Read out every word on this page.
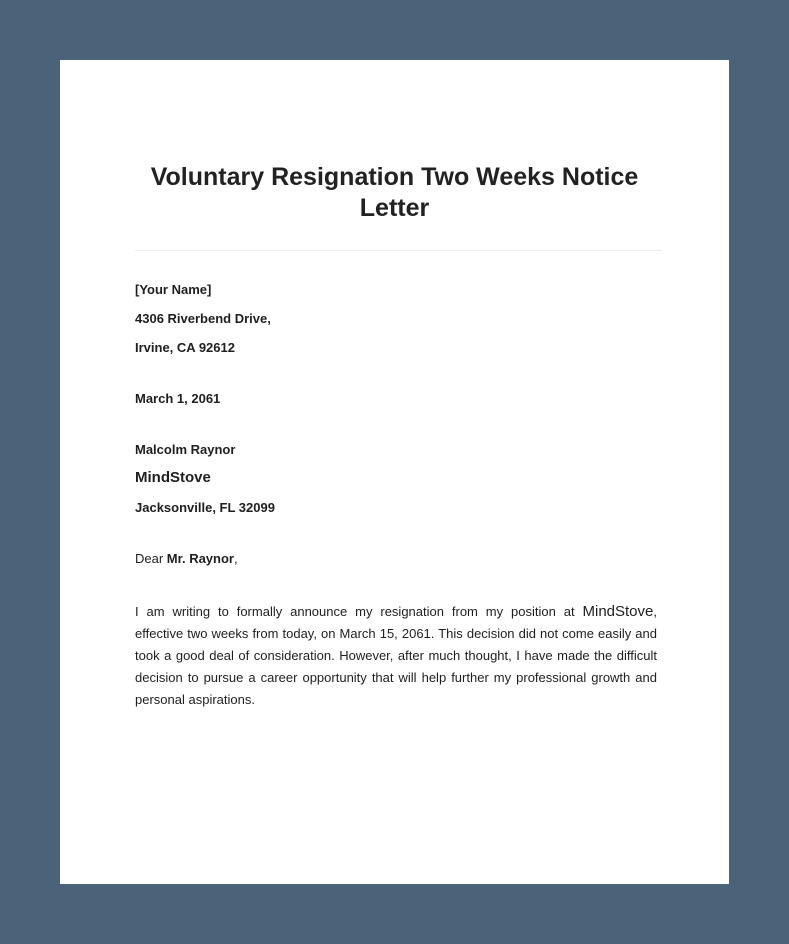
Voluntary Resignation Two Weeks Notice Letter

[Your Name]

4306 Riverbend Drive,

Irvine, CA 92612

March 1, 2061

Malcolm Raynor

MindStove

Jacksonville, FL 32099

Dear Mr. Raynor,

I am writing to formally announce my resignation from my position at MindStove, effective two weeks from today, on March 15, 2061. This decision did not come easily and took a good deal of consideration. However, after much thought, I have made the difficult decision to pursue a career opportunity that will help further my professional growth and personal aspirations.
